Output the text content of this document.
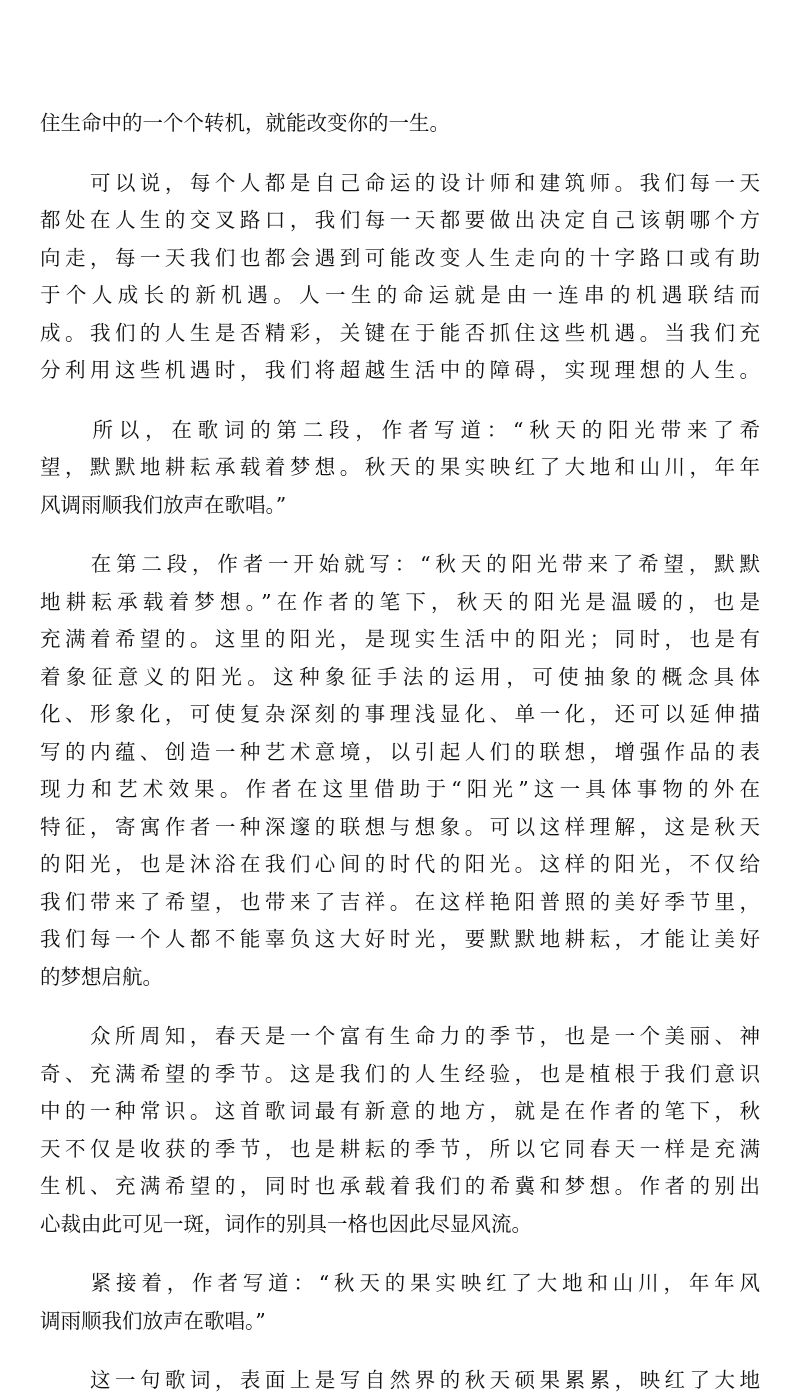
住生命中的一个个转机，就能改变你的一生。
　　可以说，每个人都是自己命运的设计师和建筑师。我们每一天
都处在人生的交叉路口，我们每一天都要做出决定自己该朝哪个方
向走，每一天我们也都会遇到可能改变人生走向的十字路口或有助
于个人成长的新机遇。人一生的命运就是由一连串的机遇联结而
成。我们的人生是否精彩，关键在于能否抓住这些机遇。当我们充
分利用这些机遇时，我们将超越生活中的障碍，实现理想的人生。
　　所以，在歌词的第二段，作者写道：“秋天的阳光带来了希
望，默默地耕耘承载着梦想。秋天的果实映红了大地和山川，年年
风调雨顺我们放声在歌唱。”
　　在第二段，作者一开始就写：“秋天的阳光带来了希望，默默
地耕耘承载着梦想。”在作者的笔下，秋天的阳光是温暖的，也是
充满着希望的。这里的阳光，是现实生活中的阳光；同时，也是有
着象征意义的阳光。这种象征手法的运用，可使抽象的概念具体
化、形象化，可使复杂深刻的事理浅显化、单一化，还可以延伸描
写的内蕴、创造一种艺术意境，以引起人们的联想，增强作品的表
现力和艺术效果。作者在这里借助于“阳光”这一具体事物的外在
特征，寄寓作者一种深邃的联想与想象。可以这样理解，这是秋天
的阳光，也是沐浴在我们心间的时代的阳光。这样的阳光，不仅给
我们带来了希望，也带来了吉祥。在这样艳阳普照的美好季节里，
我们每一个人都不能辜负这大好时光，要默默地耕耘，才能让美好
的梦想启航。
　　众所周知，春天是一个富有生命力的季节，也是一个美丽、神
奇、充满希望的季节。这是我们的人生经验，也是植根于我们意识
中的一种常识。这首歌词最有新意的地方，就是在作者的笔下，秋
天不仅是收获的季节，也是耕耘的季节，所以它同春天一样是充满
生机、充满希望的，同时也承载着我们的希冀和梦想。作者的别出
心裁由此可见一斑，词作的别具一格也因此尽显风流。
　　紧接着，作者写道：“秋天的果实映红了大地和山川，年年风
调雨顺我们放声在歌唱。”
　　这一句歌词，表面上是写自然界的秋天硕果累累，映红了大地
